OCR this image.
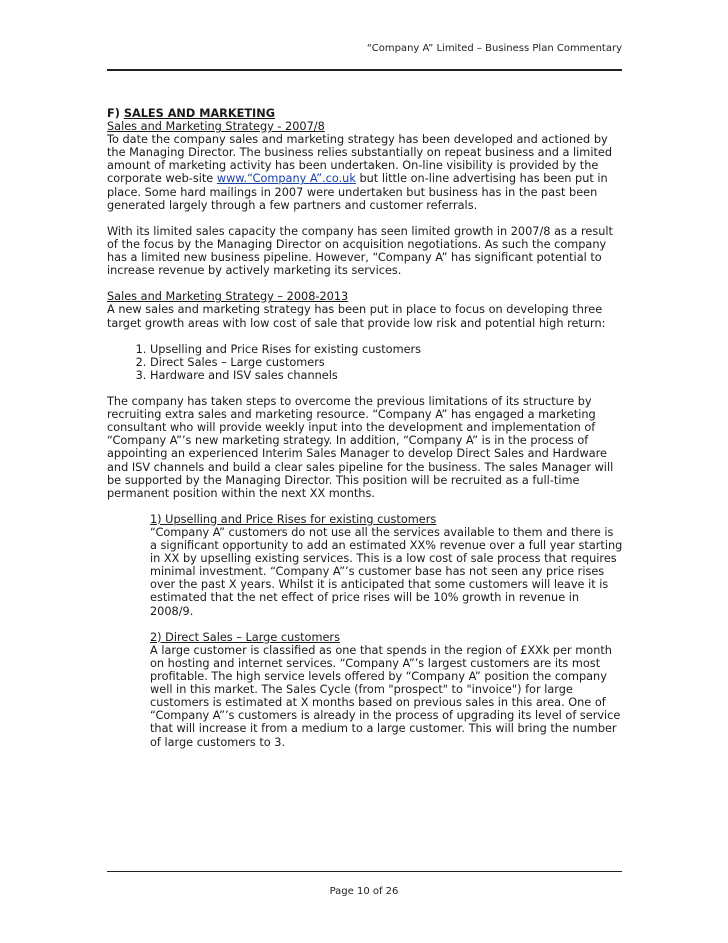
“Company A” Limited – Business Plan Commentary

F) SALES AND MARKETING

Sales and Marketing Strategy - 2007/8

To date the company sales and marketing strategy has been developed and actioned by the Managing Director. The business relies substantially on repeat business and a limited amount of marketing activity has been undertaken. On-line visibility is provided by the corporate web-site www.“Company A”.co.uk but little on-line advertising has been put in place. Some hard mailings in 2007 were undertaken but business has in the past been generated largely through a few partners and customer referrals.

With its limited sales capacity the company has seen limited growth in 2007/8 as a result of the focus by the Managing Director on acquisition negotiations. As such the company has a limited new business pipeline. However, “Company A” has significant potential to increase revenue by actively marketing its services.

Sales and Marketing Strategy – 2008-2013

A new sales and marketing strategy has been put in place to focus on developing three target growth areas with low cost of sale that provide low risk and potential high return:

1. Upselling and Price Rises for existing customers
2. Direct Sales – Large customers
3. Hardware and ISV sales channels

The company has taken steps to overcome the previous limitations of its structure by recruiting extra sales and marketing resource. “Company A” has engaged a marketing consultant who will provide weekly input into the development and implementation of “Company A”’s new marketing strategy. In addition, “Company A” is in the process of appointing an experienced Interim Sales Manager to develop Direct Sales and Hardware and ISV channels and build a clear sales pipeline for the business. The sales Manager will be supported by the Managing Director. This position will be recruited as a full-time permanent position within the next XX months.

1) Upselling and Price Rises for existing customers

“Company A” customers do not use all the services available to them and there is a significant opportunity to add an estimated XX% revenue over a full year starting in XX by upselling existing services. This is a low cost of sale process that requires minimal investment. “Company A”’s customer base has not seen any price rises over the past X years. Whilst it is anticipated that some customers will leave it is estimated that the net effect of price rises will be 10% growth in revenue in 2008/9.

2) Direct Sales – Large customers

A large customer is classified as one that spends in the region of £XXk per month on hosting and internet services. “Company A”’s largest customers are its most profitable. The high service levels offered by “Company A” position the company well in this market. The Sales Cycle (from "prospect" to "invoice") for large customers is estimated at X months based on previous sales in this area. One of “Company A”’s customers is already in the process of upgrading its level of service that will increase it from a medium to a large customer. This will bring the number of large customers to 3.

Page 10 of 26
